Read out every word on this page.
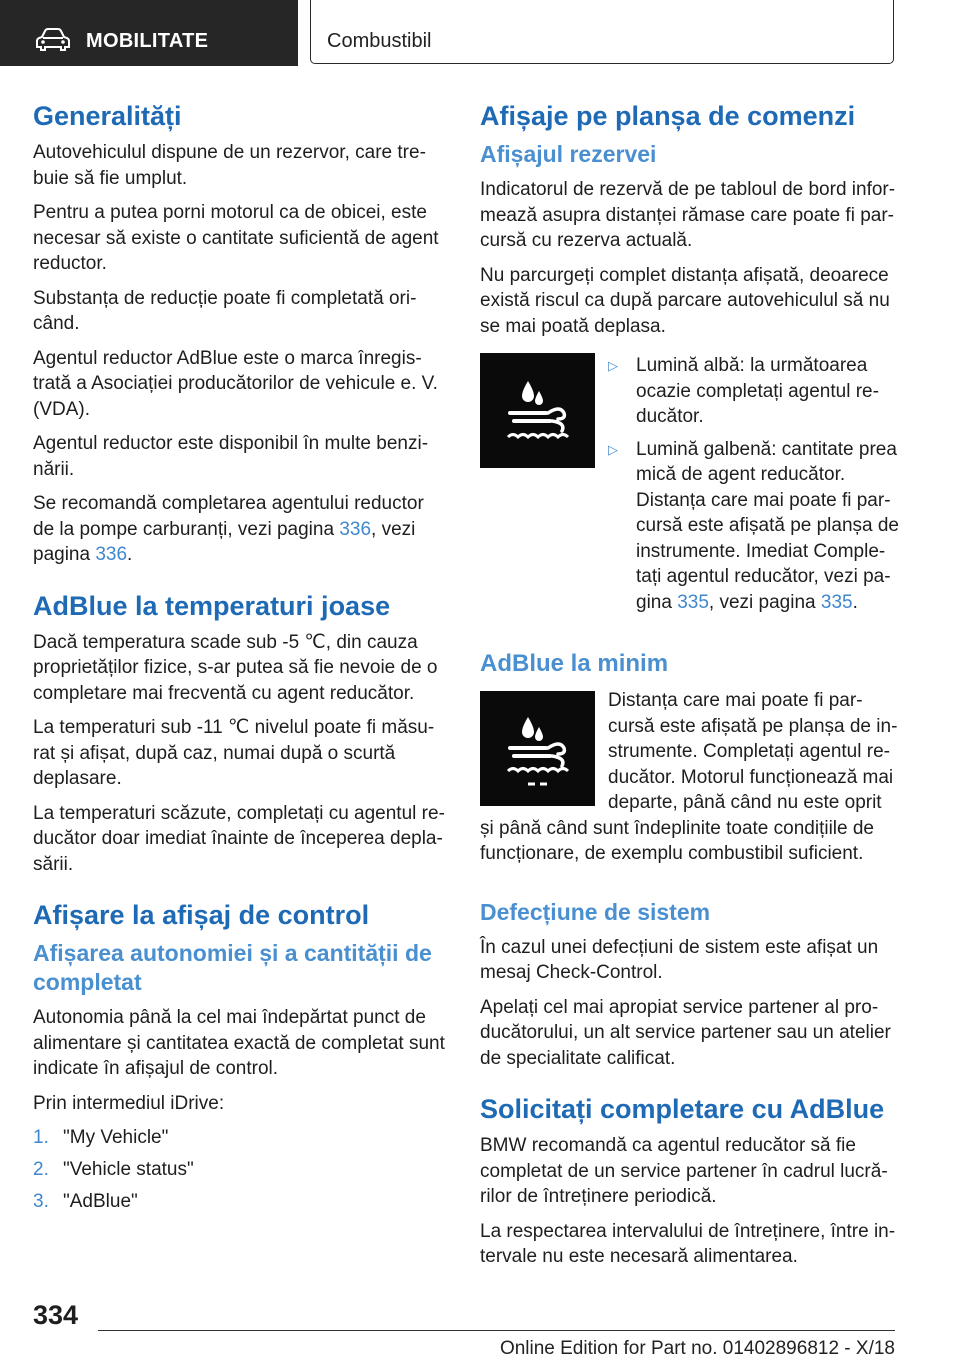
MOBILITATE	Combustibil
Generalități

Autovehiculul dispune de un rezervor, care trebuie să fie umplut.

Pentru a putea porni motorul ca de obicei, este necesar să existe o cantitate suficientă de agent reductor.

Substanța de reducție poate fi completată oricând.

Agentul reductor AdBlue este o marca înregistrată a Asociației producătorilor de vehicule e. V. (VDA).

Agentul reductor este disponibil în multe benzinării.

Se recomandă completarea agentului reductor de la pompe carburanți, vezi pagina 336, vezi pagina 336.

AdBlue la temperaturi joase

Dacă temperatura scade sub -5 ℃, din cauza proprietăților fizice, s-ar putea să fie nevoie de o completare mai frecventă cu agent reducător.

La temperaturi sub -11 ℃ nivelul poate fi măsurat și afișat, după caz, numai după o scurtă deplasare.

La temperaturi scăzute, completați cu agentul reducător doar imediat înainte de începerea deplasării.

Afișare la afișaj de control
Afișarea autonomiei și a cantității de completat

Autonomia până la cel mai îndepărtat punct de alimentare și cantitatea exactă de completat sunt indicate în afișajul de control.

Prin intermediul iDrive:

1. "My Vehicle"
2. "Vehicle status"
3. "AdBlue"
Afișaje pe planșa de comenzi
Afișajul rezervei

Indicatorul de rezervă de pe tabloul de bord informează asupra distanței rămase care poate fi parcursă cu rezerva actuală.

Nu parcurgeți complet distanța afișată, deoarece există riscul ca după parcare autovehiculul să nu se mai poată deplasa.

▷ Lumină albă: la următoarea ocazie completați agentul reducător.
▷ Lumină galbenă: cantitate prea mică de agent reducător. Distanța care mai poate fi parcursă este afișată pe planșa de instrumente. Imediat Completați agentul reducător, vezi pagina 335, vezi pagina 335.
AdBlue la minim

Distanța care mai poate fi parcursă este afișată pe planșa de instrumente. Completați agentul reducător. Motorul funcționează mai departe, până când nu este oprit și până când sunt îndeplinite toate condițiile de funcționare, de exemplu combustibil suficient.

Defecțiune de sistem

În cazul unei defecțiuni de sistem este afișat un mesaj Check-Control.

Apelați cel mai apropiat service partener al producătorului, un alt service partener sau un atelier de specialitate calificat.

Solicitați completare cu AdBlue

BMW recomandă ca agentul reducător să fie completat de un service partener în cadrul lucrărilor de întreținere periodică.

La respectarea intervalului de întreținere, între intervale nu este necesară alimentarea.

334
Online Edition for Part no. 01402896812 - X/18
